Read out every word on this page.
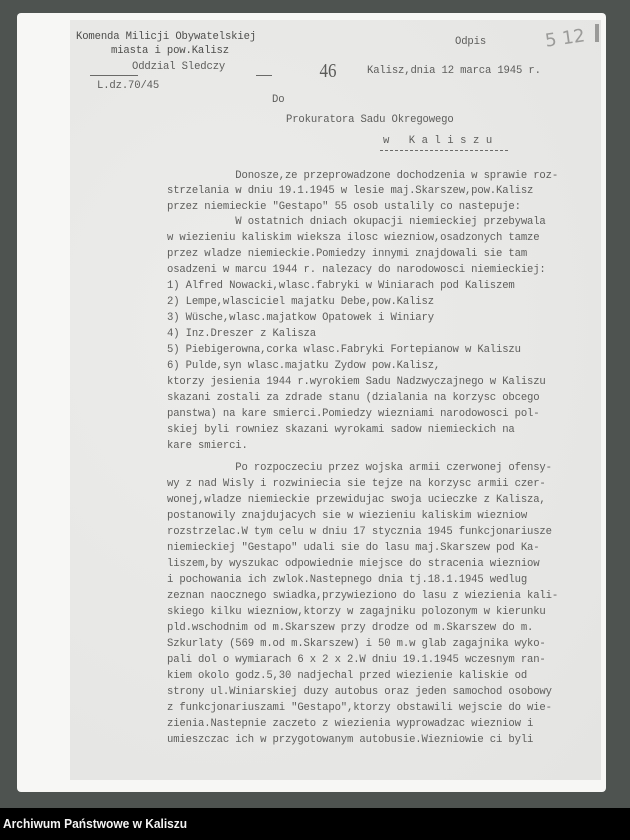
Komenda Milicji Obywatelskiej
miasta i pow.Kalisz
Oddzial Sledczy
L.dz.70/45
46
Odpis
Kalisz,dnia 12 marca 1945 r.
5 12
Do
Prokuratora Sadu Okregowego
w Kaliszu
Donosze,ze przeprowadzone dochodzenia w sprawie roz-
strzelania w dniu 19.1.1945 w lesie maj.Skarszew,pow.Kalisz
przez niemieckie "Gestapo" 55 osob ustalily co nastepuje:
W ostatnich dniach okupacji niemieckiej przebywala
w wiezieniu kaliskim wieksza ilosc wiezniow,osadzonych tamze
przez wladze niemieckie.Pomiedzy innymi znajdowali sie tam
osadzeni w marcu 1944 r. nalezacy do narodowosci niemieckiej:
1) Alfred Nowacki,wlasc.fabryki w Winiarach pod Kaliszem
2) Lempe,wlasciciel majatku Debe,pow.Kalisz
3) Wüsche,wlasc.majatkow Opatowek i Winiary
4) Inz.Dreszer z Kalisza
5) Piebigerowna,corka wlasc.Fabryki Fortepianow w Kaliszu
6) Pulde,syn wlasc.majatku Zydow pow.Kalisz,
ktorzy jesienia 1944 r.wyrokiem Sadu Nadzwyczajnego w Kaliszu
skazani zostali za zdrade stanu (dzialania na korzysc obcego
panstwa) na kare smierci.Pomiedzy wiezniami narodowosci pol-
skiej byli rowniez skazani wyrokami sadow niemieckich na
kare smierci.
Po rozpoczeciu przez wojska armii czerwonej ofensy-
wy z nad Wisly i rozwiniecia sie tejze na korzysc armii czer-
wonej,wladze niemieckie przewidujac swoja ucieczke z Kalisza,
postanowily znajdujacych sie w wiezieniu kaliskim wiezniow
rozstrzelac.W tym celu w dniu 17 stycznia 1945 funkcjonariusze
niemieckiej "Gestapo" udali sie do lasu maj.Skarszew pod Ka-
liszem,by wyszukac odpowiednie miejsce do stracenia wiezniow
i pochowania ich zwlok.Nastepnego dnia tj.18.1.1945 wedlug
zeznan naocznego swiadka,przywieziono do lasu z wiezienia kali-
skiego kilku wiezniow,ktorzy w zagajniku polozonym w kierunku
pld.wschodnim od m.Skarszew przy drodze od m.Skarszew do m.
Szkurlaty (569 m.od m.Skarszew) i 50 m.w glab zagajnika wyko-
pali dol o wymiarach 6 x 2 x 2.W dniu 19.1.1945 wczesnym ran-
kiem okolo godz.5,30 nadjechal przed wiezienie kaliskie od
strony ul.Winiarskiej duzy autobus oraz jeden samochod osobowy
z funkcjonariuszami "Gestapo",ktorzy obstawili wejscie do wie-
zienia.Nastepnie zaczeto z wiezienia wyprowadzac wiezniow i
umieszczac ich w przygotowanym autobusie.Wiezniowie ci byli
Archiwum Państwowe w Kaliszu
